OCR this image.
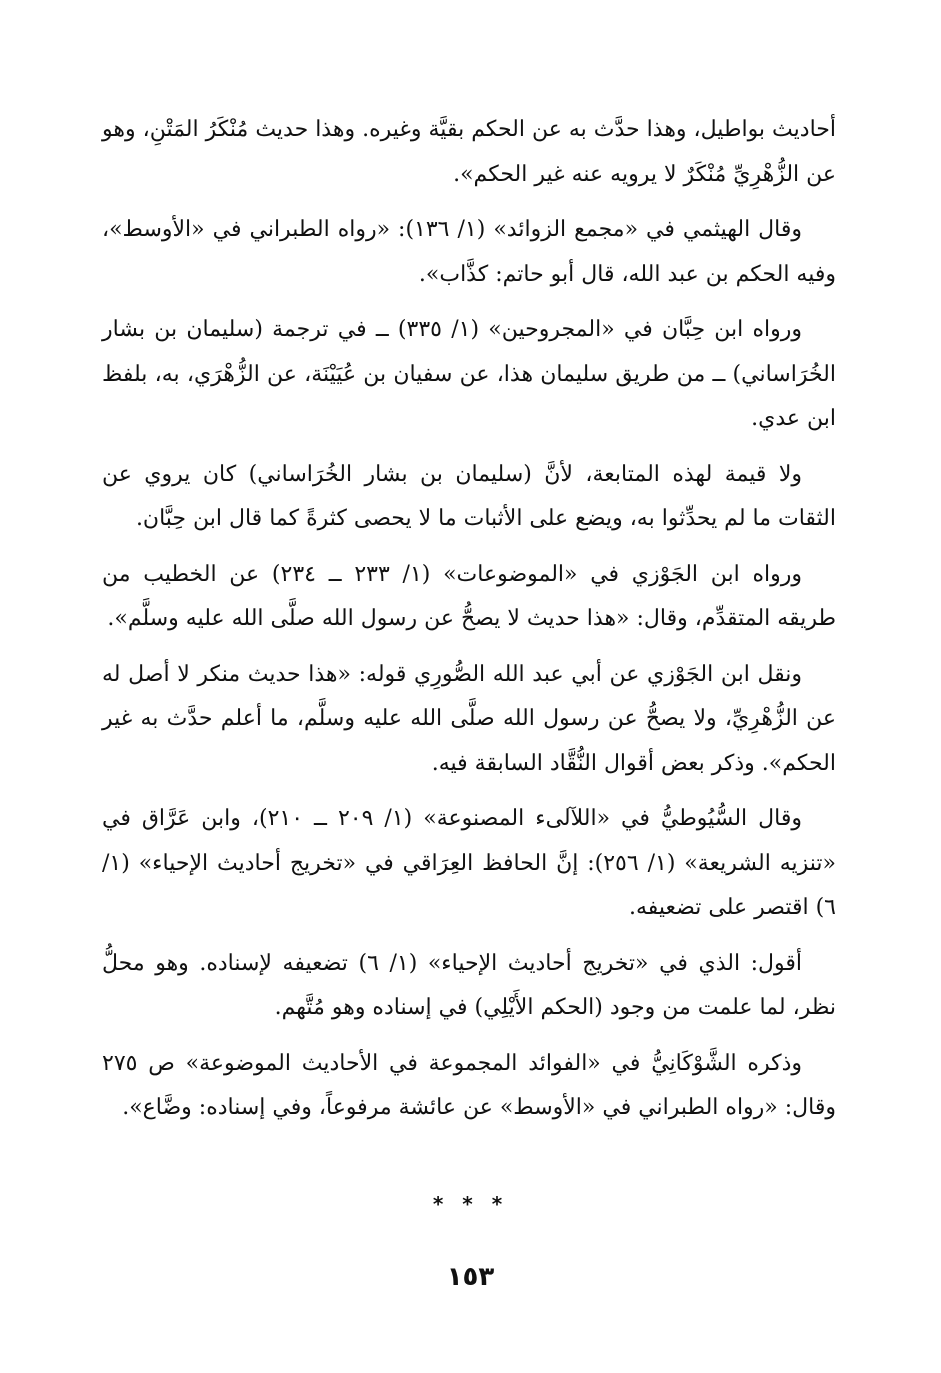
أحاديث بواطيل، وهذا حدَّث به عن الحكم بقيَّة وغيره. وهذا حديث مُنْكَرُ المَتْنِ، وهو عن الزُّهْرِيِّ مُنْكَرٌ لا يرويه عنه غير الحكم».

وقال الهيثمي في «مجمع الزوائد» (١/ ١٣٦): «رواه الطبراني في «الأوسط»، وفيه الحكم بن عبد الله، قال أبو حاتم: كذَّاب».

ورواه ابن حِبَّان في «المجروحين» (١/ ٣٣٥) ــ في ترجمة (سليمان بن بشار الخُرَاساني) ــ من طريق سليمان هذا، عن سفيان بن عُيَيْنَة، عن الزُّهْرَي، به، بلفظ ابن عدي.

ولا قيمة لهذه المتابعة، لأنَّ (سليمان بن بشار الخُرَاساني) كان يروي عن الثقات ما لم يحدِّثوا به، ويضع على الأثبات ما لا يحصى كثرةً كما قال ابن حِبَّان.

ورواه ابن الجَوْزي في «الموضوعات» (١/ ٢٣٣ ــ ٢٣٤) عن الخطيب من طريقه المتقدِّم، وقال: «هذا حديث لا يصحُّ عن رسول الله صلَّى الله عليه وسلَّم».

ونقل ابن الجَوْزي عن أبي عبد الله الصُّورِي قوله: «هذا حديث منكر لا أصل له عن الزُّهْرِيِّ، ولا يصحُّ عن رسول الله صلَّى الله عليه وسلَّم، ما أعلم حدَّث به غير الحكم». وذكر بعض أقوال النُّقَّاد السابقة فيه.

وقال السُّيُوطيُّ في «اللآلىء المصنوعة» (١/ ٢٠٩ ــ ٢١٠)، وابن عَرَّاق في «تنزيه الشريعة» (١/ ٢٥٦): إنَّ الحافظ العِرَاقي في «تخريج أحاديث الإحياء» (١/ ٦) اقتصر على تضعيفه.

أقول: الذي في «تخريج أحاديث الإحياء» (١/ ٦) تضعيفه لإسناده. وهو محلُّ نظر، لما علمت من وجود (الحكم الأَيْلِي) في إسناده وهو مُتَّهم.

وذكره الشَّوْكَانِيُّ في «الفوائد المجموعة في الأحاديث الموضوعة» ص ٢٧٥ وقال: «رواه الطبراني في «الأوسط» عن عائشة مرفوعاً، وفي إسناده: وضَّاع».

* * *
١٥٣
